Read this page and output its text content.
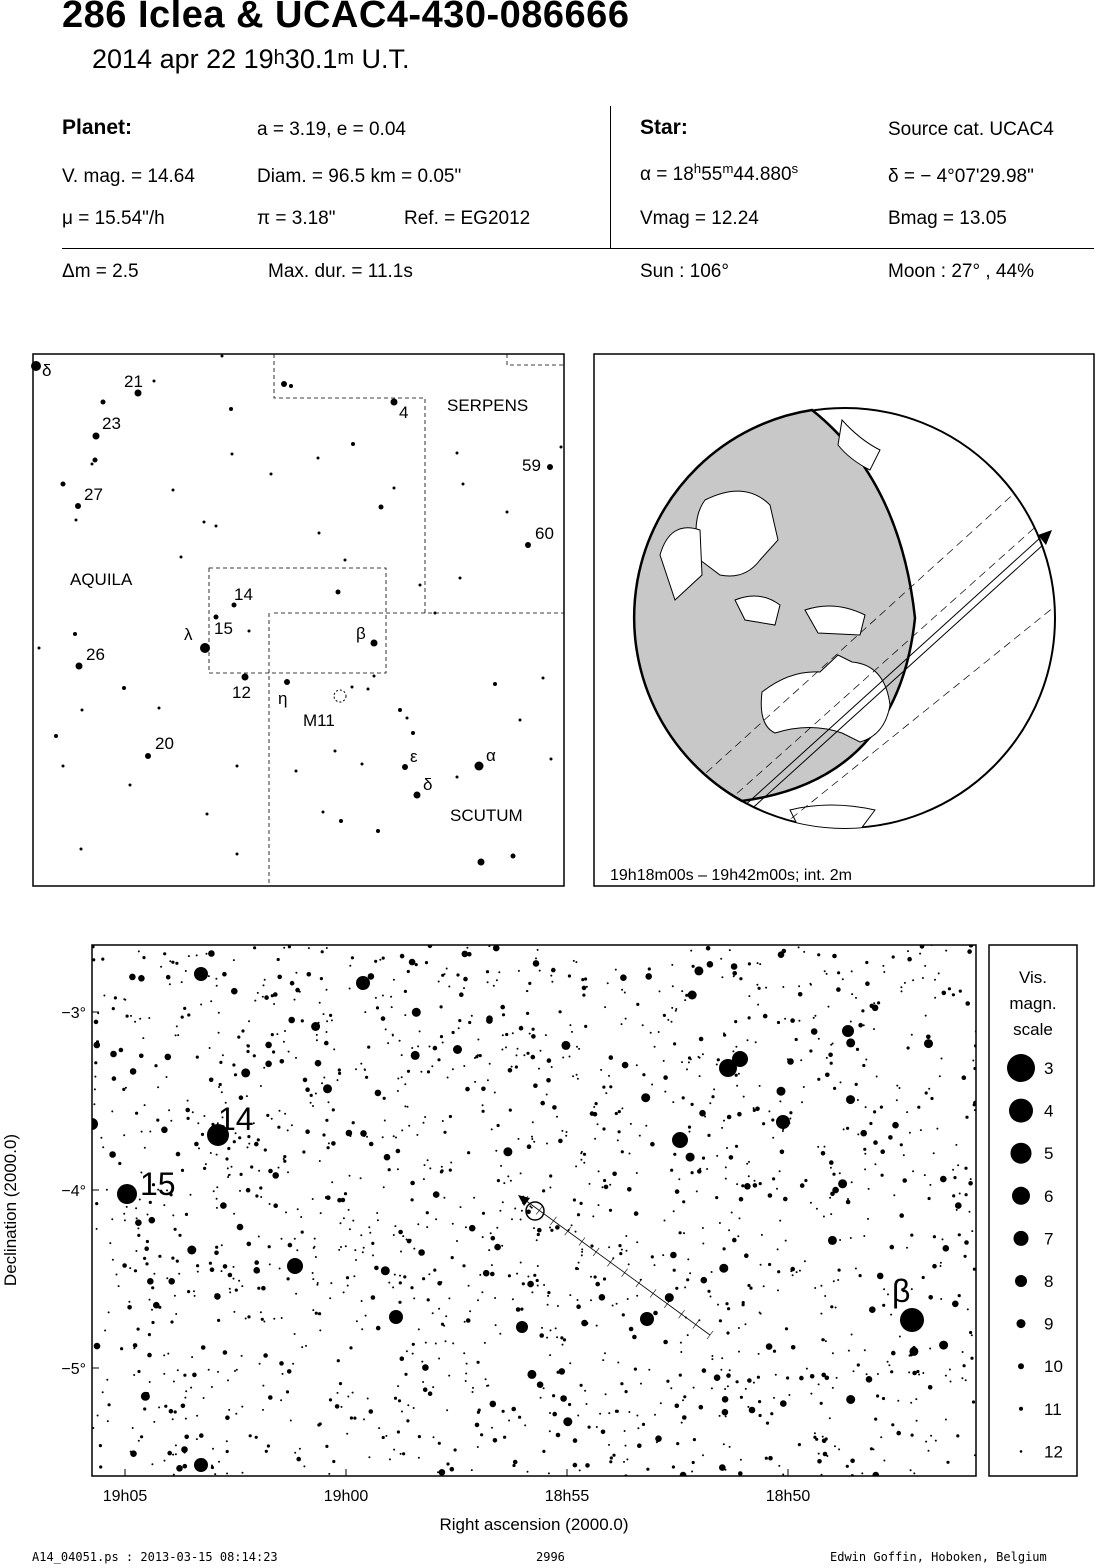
286 Iclea & UCAC4-430-086666
2014 apr 22 19$^h$30.1$^m$ U.T.
Planet:	a = 3.19, e = 0.04
V. mag. = 14.64	Diam. = 96.5 km = 0.05"
μ = 15.54"/h	π = 3.18"	Ref. = EG2012
Star:	Source cat. UCAC4
$\alpha = 18^h55^m44.880^s$	δ = − 4°07'29.98"
Vmag = 12.24	Bmag = 13.05
Δm = 2.5	Max. dur. = 11.1s	Sun : 106°	Moon : 27° , 44%
δ
21
23
27
26
20
14
15
λ
12 η
M11
β
4
59
60
ε
δ
α
AQUILA
SERPENS
SCUTUM
19h18m00s – 19h42m00s; int. 2m
14
15
β
19h05	19h00	18h55	18h50
−3°
−4°
−5°
Right ascension (2000.0)
Declination (2000.0)
Vis.
magn.
scale
3
4
5
6
7
8
9
10
11
12
A14_04051.ps : 2013-03-15 08:14:23	2996	Edwin Goffin, Hoboken, Belgium
